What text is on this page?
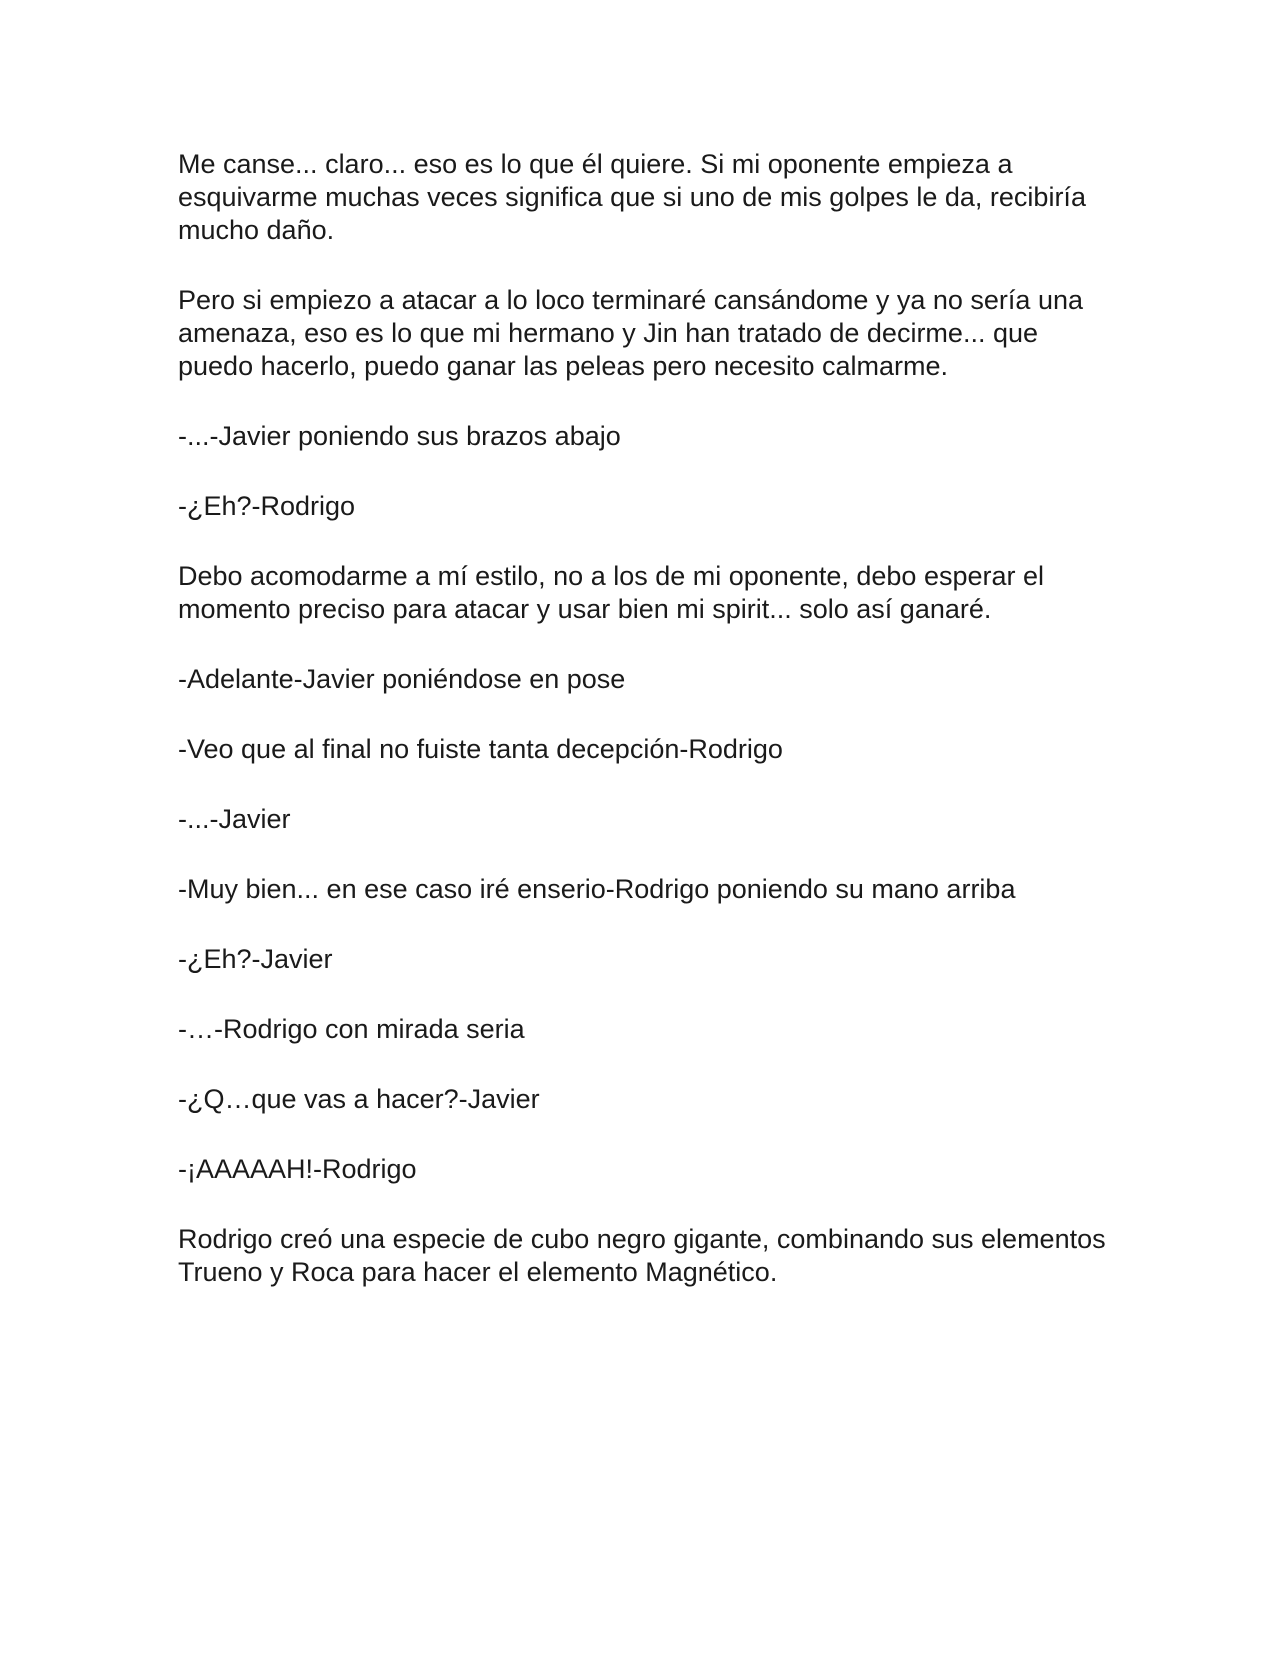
Me canse... claro... eso es lo que él quiere. Si mi oponente empieza a esquivarme muchas veces significa que si uno de mis golpes le da, recibiría mucho daño.

Pero si empiezo a atacar a lo loco terminaré cansándome y ya no sería una amenaza, eso es lo que mi hermano y Jin han tratado de decirme... que puedo hacerlo, puedo ganar las peleas pero necesito calmarme.

-...-Javier poniendo sus brazos abajo

-¿Eh?-Rodrigo

Debo acomodarme a mí estilo, no a los de mi oponente, debo esperar el momento preciso para atacar y usar bien mi spirit... solo así ganaré.

-Adelante-Javier poniéndose en pose

-Veo que al final no fuiste tanta decepción-Rodrigo

-...-Javier

-Muy bien... en ese caso iré enserio-Rodrigo poniendo su mano arriba

-¿Eh?-Javier

-…-Rodrigo con mirada seria

-¿Q…que vas a hacer?-Javier

-¡AAAAAH!-Rodrigo

Rodrigo creó una especie de cubo negro gigante, combinando sus elementos Trueno y Roca para hacer el elemento Magnético.
